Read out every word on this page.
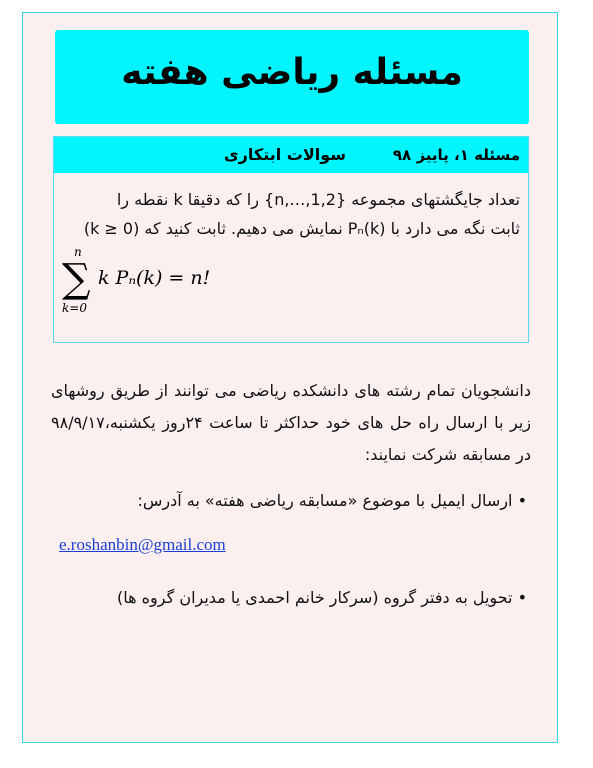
مسئله ریاضی هفته
مسئله ۱، پاییز ۹۸
سوالات ابتکاری
تعداد جایگشتهای مجموعه {1,2,…,n} را که دقیقا k نقطه را
ثابت نگه می دارد با Pₙ(k) نمایش می دهیم. ثابت کنید که (k ≥ 0)
n
∑
k=0
k Pₙ(k) = n!
دانشجویان تمام رشته های دانشکده ریاضی می توانند از طریق روشهای زیر با ارسال راه حل های خود حداکثر تا ساعت ۲۴روز یکشنبه،۹۸/۹/۱۷ در مسابقه شرکت نمایند:
• ارسال ایمیل با موضوع «مسابقه ریاضی هفته» به آدرس:
e.roshanbin@gmail.com
• تحویل به دفتر گروه (سرکار خانم احمدی یا مدیران گروه ها)
